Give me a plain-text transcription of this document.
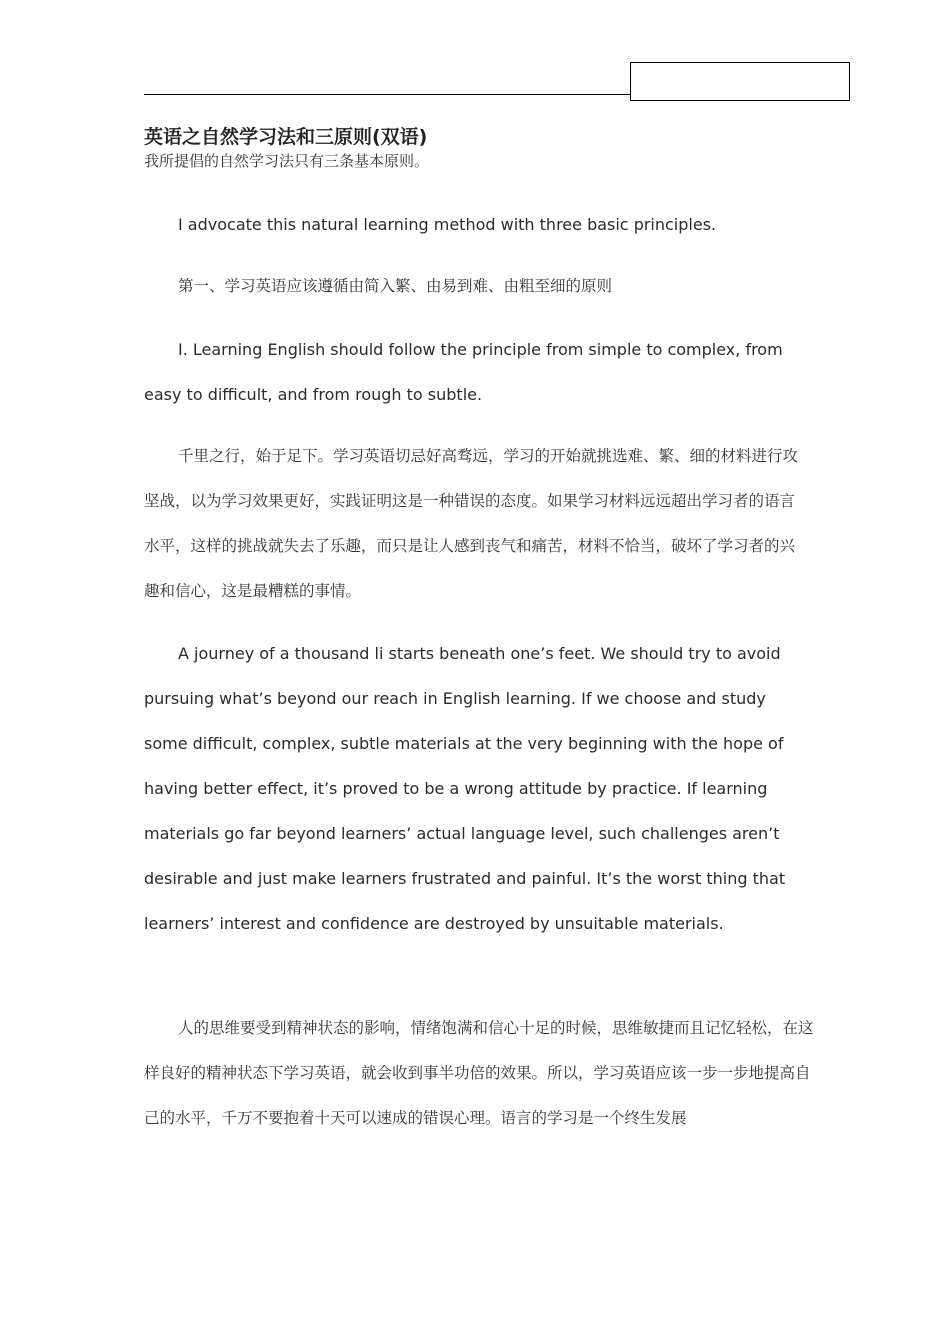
英语之自然学习法和三原则(双语)

我所提倡的自然学习法只有三条基本原则。

I advocate this natural learning method with three basic principles.

第一、学习英语应该遵循由简入繁、由易到难、由粗至细的原则

I. Learning English should follow the principle from simple to complex, from easy to difficult, and from rough to subtle.

千里之行，始于足下。学习英语切忌好高骛远，学习的开始就挑选难、繁、细的材料进行攻坚战，以为学习效果更好，实践证明这是一种错误的态度。如果学习材料远远超出学习者的语言水平，这样的挑战就失去了乐趣，而只是让人感到丧气和痛苦，材料不恰当，破坏了学习者的兴趣和信心，这是最糟糕的事情。

A journey of a thousand li starts beneath one’s feet. We should try to avoid pursuing what’s beyond our reach in English learning. If we choose and study some difficult, complex, subtle materials at the very beginning with the hope of having better effect, it’s proved to be a wrong attitude by practice. If learning materials go far beyond learners’ actual language level, such challenges aren’t desirable and just make learners frustrated and painful. It’s the worst thing that learners’ interest and confidence are destroyed by unsuitable materials.

人的思维要受到精神状态的影响，情绪饱满和信心十足的时候，思维敏捷而且记忆轻松，在这样良好的精神状态下学习英语，就会收到事半功倍的效果。所以，学习英语应该一步一步地提高自己的水平，千万不要抱着十天可以速成的错误心理。语言的学习是一个终生发展
